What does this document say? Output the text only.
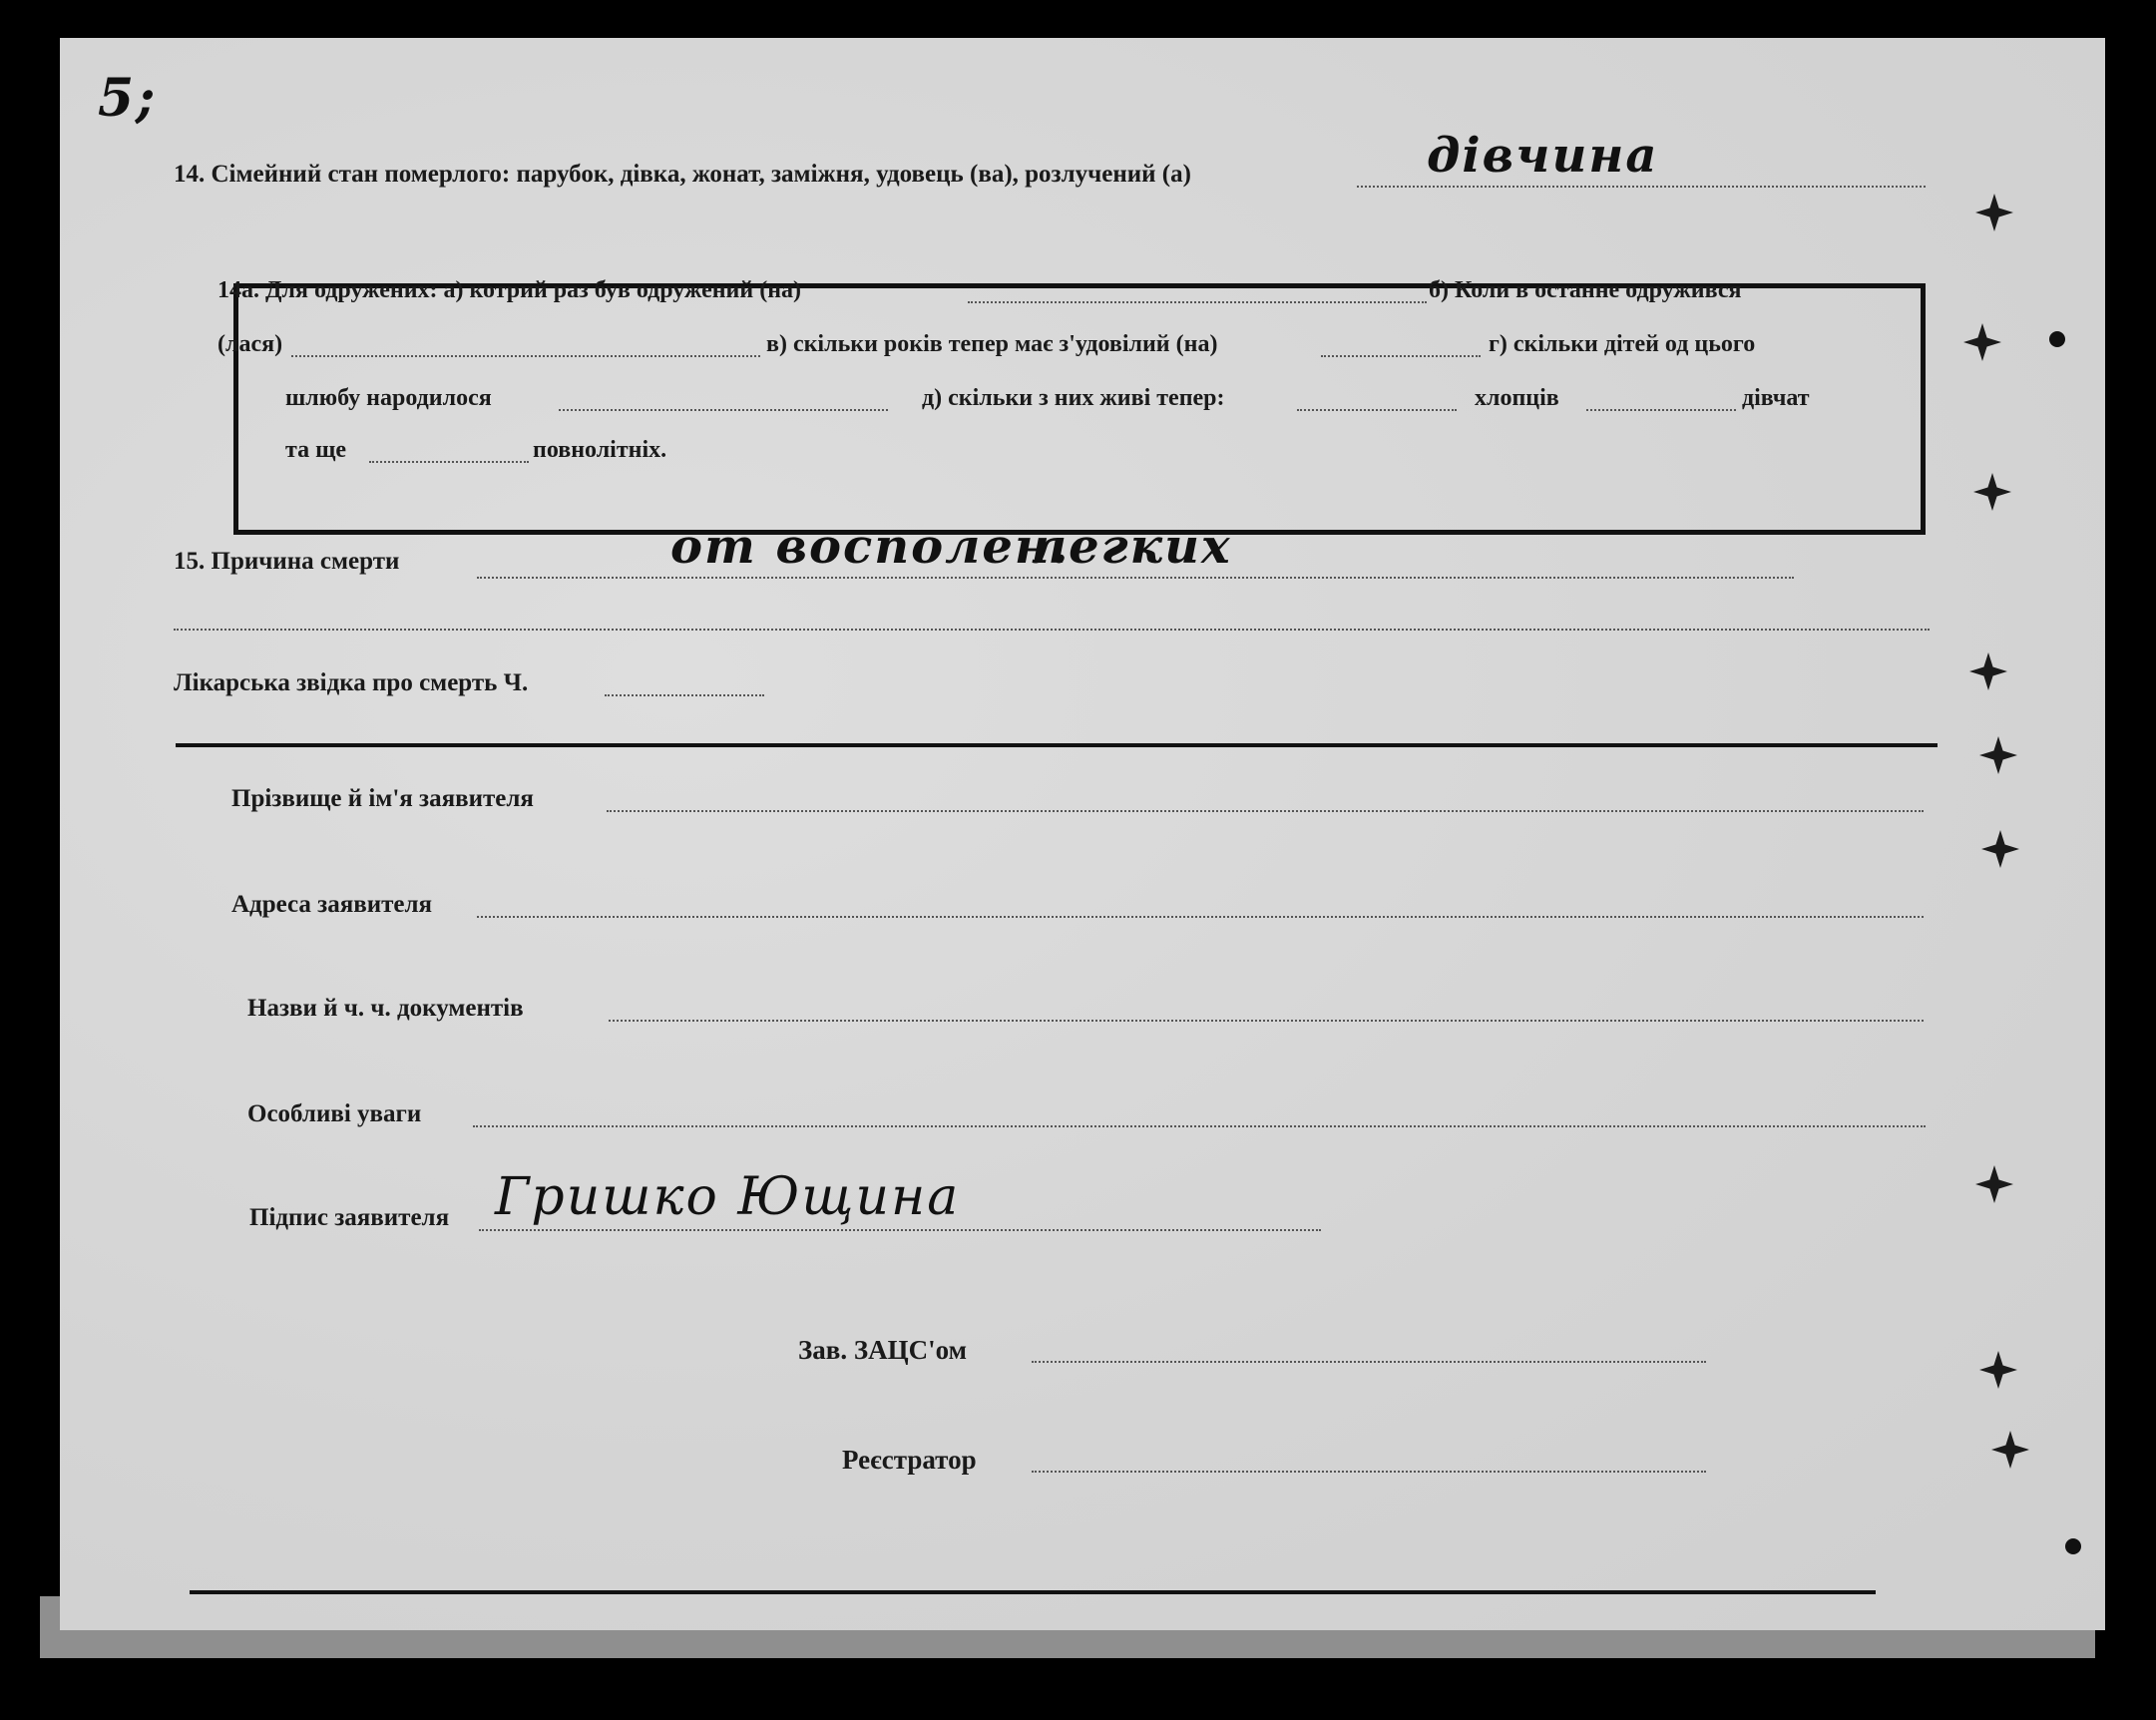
5;
14. Сімейний стан померлого: парубок, дівка, жонат, заміжня, удовець (ва), розлучений (а)	дівчина
14а. Для одружених: а) котрий раз був одружений (на)	б) Коли в останне одружився
(лася)	в) скільки років тепер має з'удовілий (на)	г) скільки дітей од цього
шлюбу народилося	д) скільки з них живі тепер:	хлопців	дівчат
та ще	повнолітніх.
15. Причина смерти	от восполен.
легких
Лікарська звідка про смерть Ч.
Прізвище й ім'я заявителя
Адреса заявителя
Назви й ч. ч. документів
Особливі уваги
Підпис заявителя Гришко Ющина
Зав. ЗАЦС'ом
Реєстратор
